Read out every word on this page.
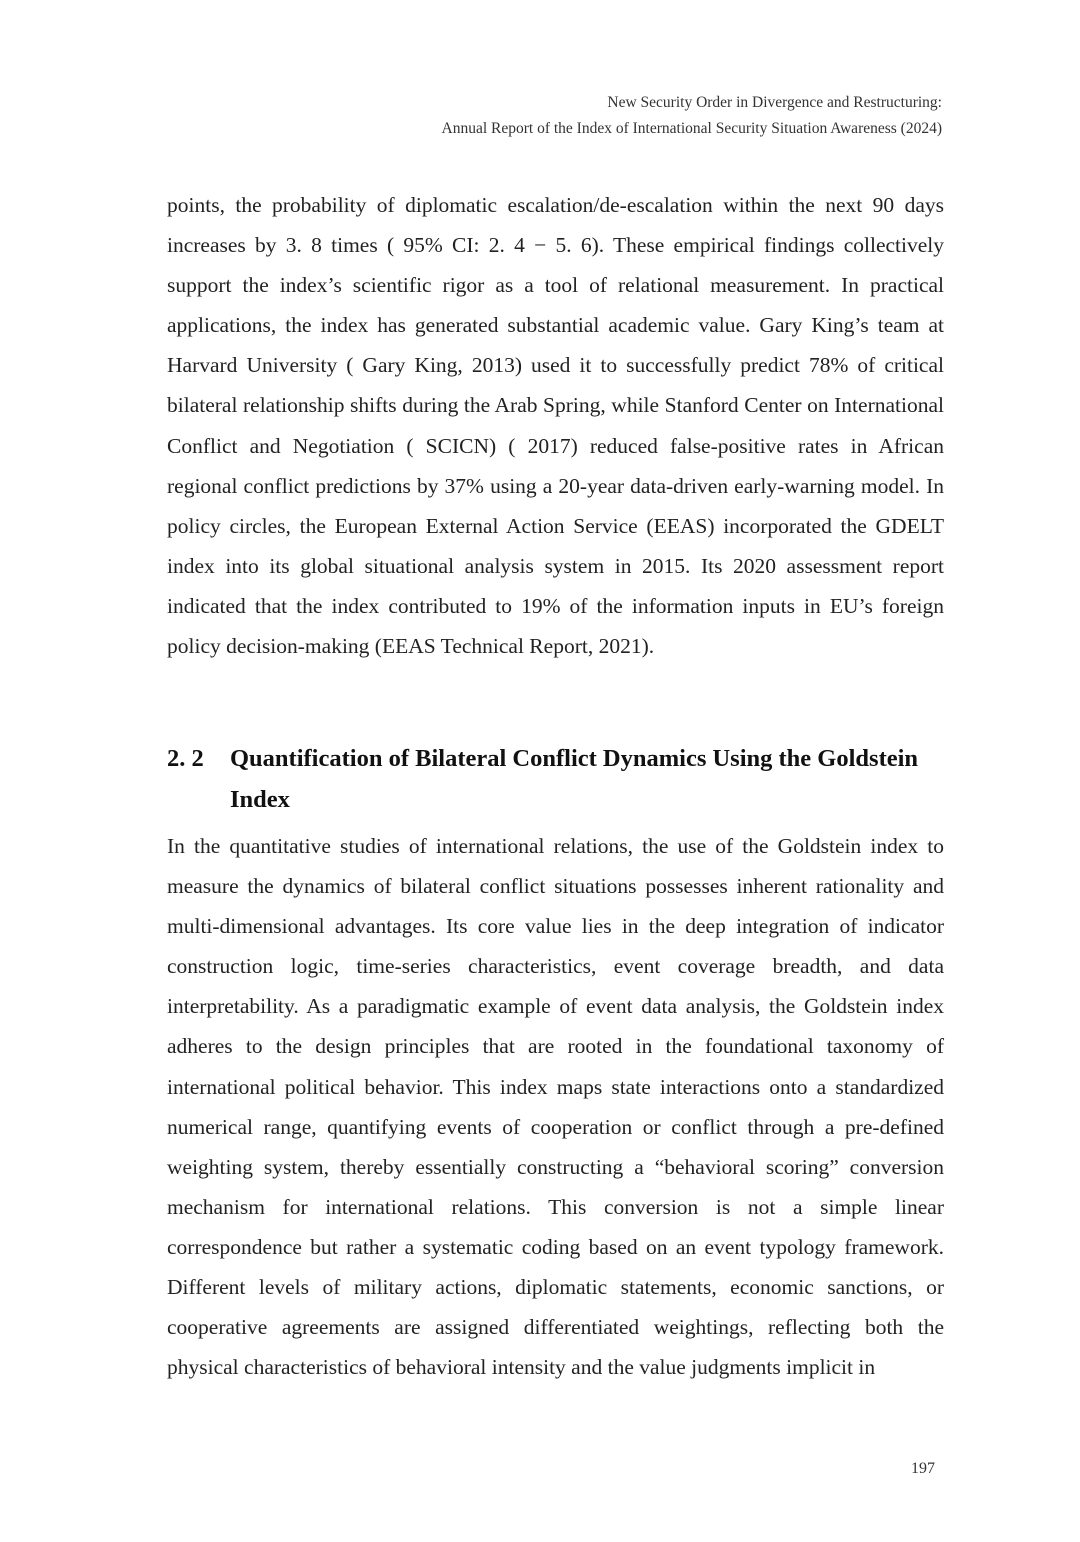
New Security Order in Divergence and Restructuring:
Annual Report of the Index of International Security Situation Awareness (2024)
points, the probability of diplomatic escalation/de-escalation within the next 90 days increases by 3. 8 times ( 95% CI: 2. 4 − 5. 6). These empirical findings collectively support the index’s scientific rigor as a tool of relational measurement. In practical applications, the index has generated substantial academic value. Gary King’s team at Harvard University ( Gary King, 2013) used it to successfully predict 78% of critical bilateral relationship shifts during the Arab Spring, while Stanford Center on International Conflict and Negotiation ( SCICN) ( 2017) reduced false-positive rates in African regional conflict predictions by 37% using a 20-year data-driven early-warning model. In policy circles, the European External Action Service (EEAS) incorporated the GDELT index into its global situational analysis system in 2015. Its 2020 assessment report indicated that the index contributed to 19% of the information inputs in EU’s foreign policy decision-making (EEAS Technical Report, 2021).
2. 2 Quantification of Bilateral Conflict Dynamics Using the Goldstein Index
In the quantitative studies of international relations, the use of the Goldstein index to measure the dynamics of bilateral conflict situations possesses inherent rationality and multi-dimensional advantages. Its core value lies in the deep integration of indicator construction logic, time-series characteristics, event coverage breadth, and data interpretability. As a paradigmatic example of event data analysis, the Goldstein index adheres to the design principles that are rooted in the foundational taxonomy of international political behavior. This index maps state interactions onto a standardized numerical range, quantifying events of cooperation or conflict through a pre-defined weighting system, thereby essentially constructing a “behavioral scoring” conversion mechanism for international relations. This conversion is not a simple linear correspondence but rather a systematic coding based on an event typology framework. Different levels of military actions, diplomatic statements, economic sanctions, or cooperative agreements are assigned differentiated weightings, reflecting both the physical characteristics of behavioral intensity and the value judgments implicit in
197
